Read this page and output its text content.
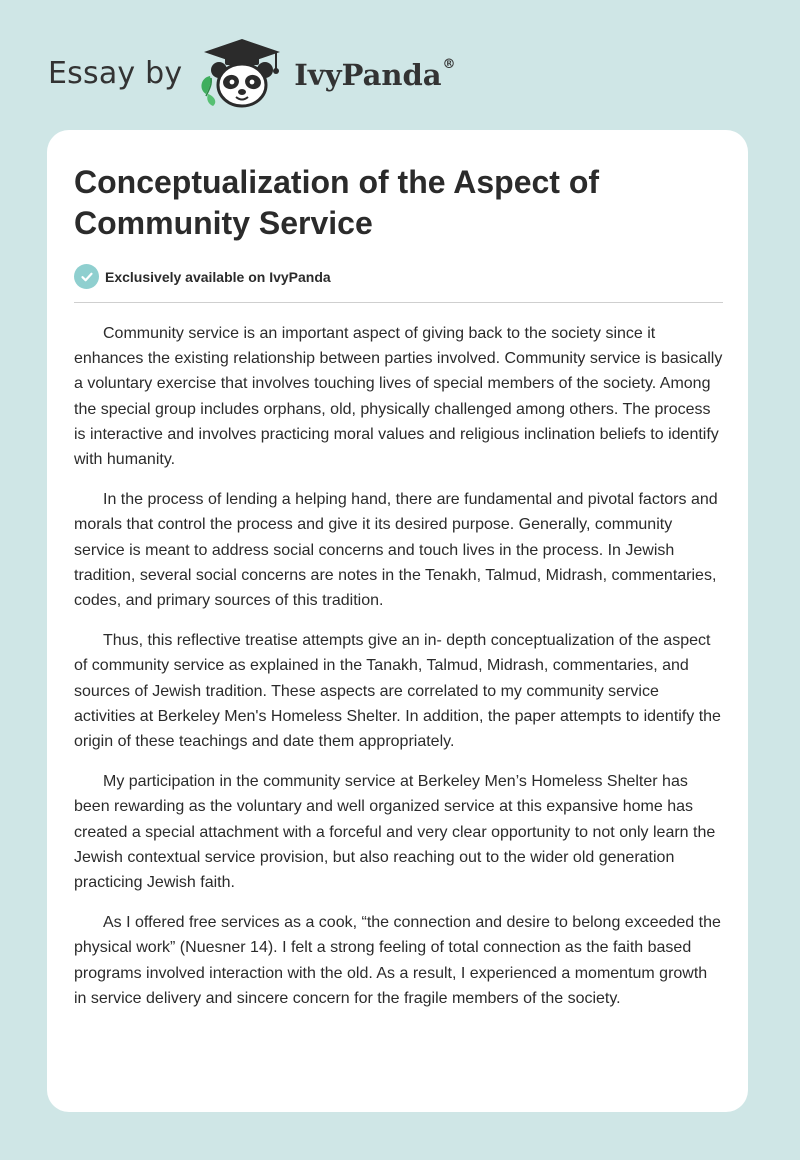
Essay by	IvyPanda®
Conceptualization of the Aspect of Community Service
Exclusively available on IvyPanda

Community service is an important aspect of giving back to the society since it enhances the existing relationship between parties involved. Community service is basically a voluntary exercise that involves touching lives of special members of the society. Among the special group includes orphans, old, physically challenged among others. The process is interactive and involves practicing moral values and religious inclination beliefs to identify with humanity.

In the process of lending a helping hand, there are fundamental and pivotal factors and morals that control the process and give it its desired purpose. Generally, community service is meant to address social concerns and touch lives in the process. In Jewish tradition, several social concerns are notes in the Tenakh, Talmud, Midrash, commentaries, codes, and primary sources of this tradition.

Thus, this reflective treatise attempts give an in- depth conceptualization of the aspect of community service as explained in the Tanakh, Talmud, Midrash, commentaries, and sources of Jewish tradition. These aspects are correlated to my community service activities at Berkeley Men's Homeless Shelter. In addition, the paper attempts to identify the origin of these teachings and date them appropriately.

My participation in the community service at Berkeley Men’s Homeless Shelter has been rewarding as the voluntary and well organized service at this expansive home has created a special attachment with a forceful and very clear opportunity to not only learn the Jewish contextual service provision, but also reaching out to the wider old generation practicing Jewish faith.

As I offered free services as a cook, “the connection and desire to belong exceeded the physical work” (Nuesner 14). I felt a strong feeling of total connection as the faith based programs involved interaction with the old. As a result, I experienced a momentum growth in service delivery and sincere concern for the fragile members of the society.
